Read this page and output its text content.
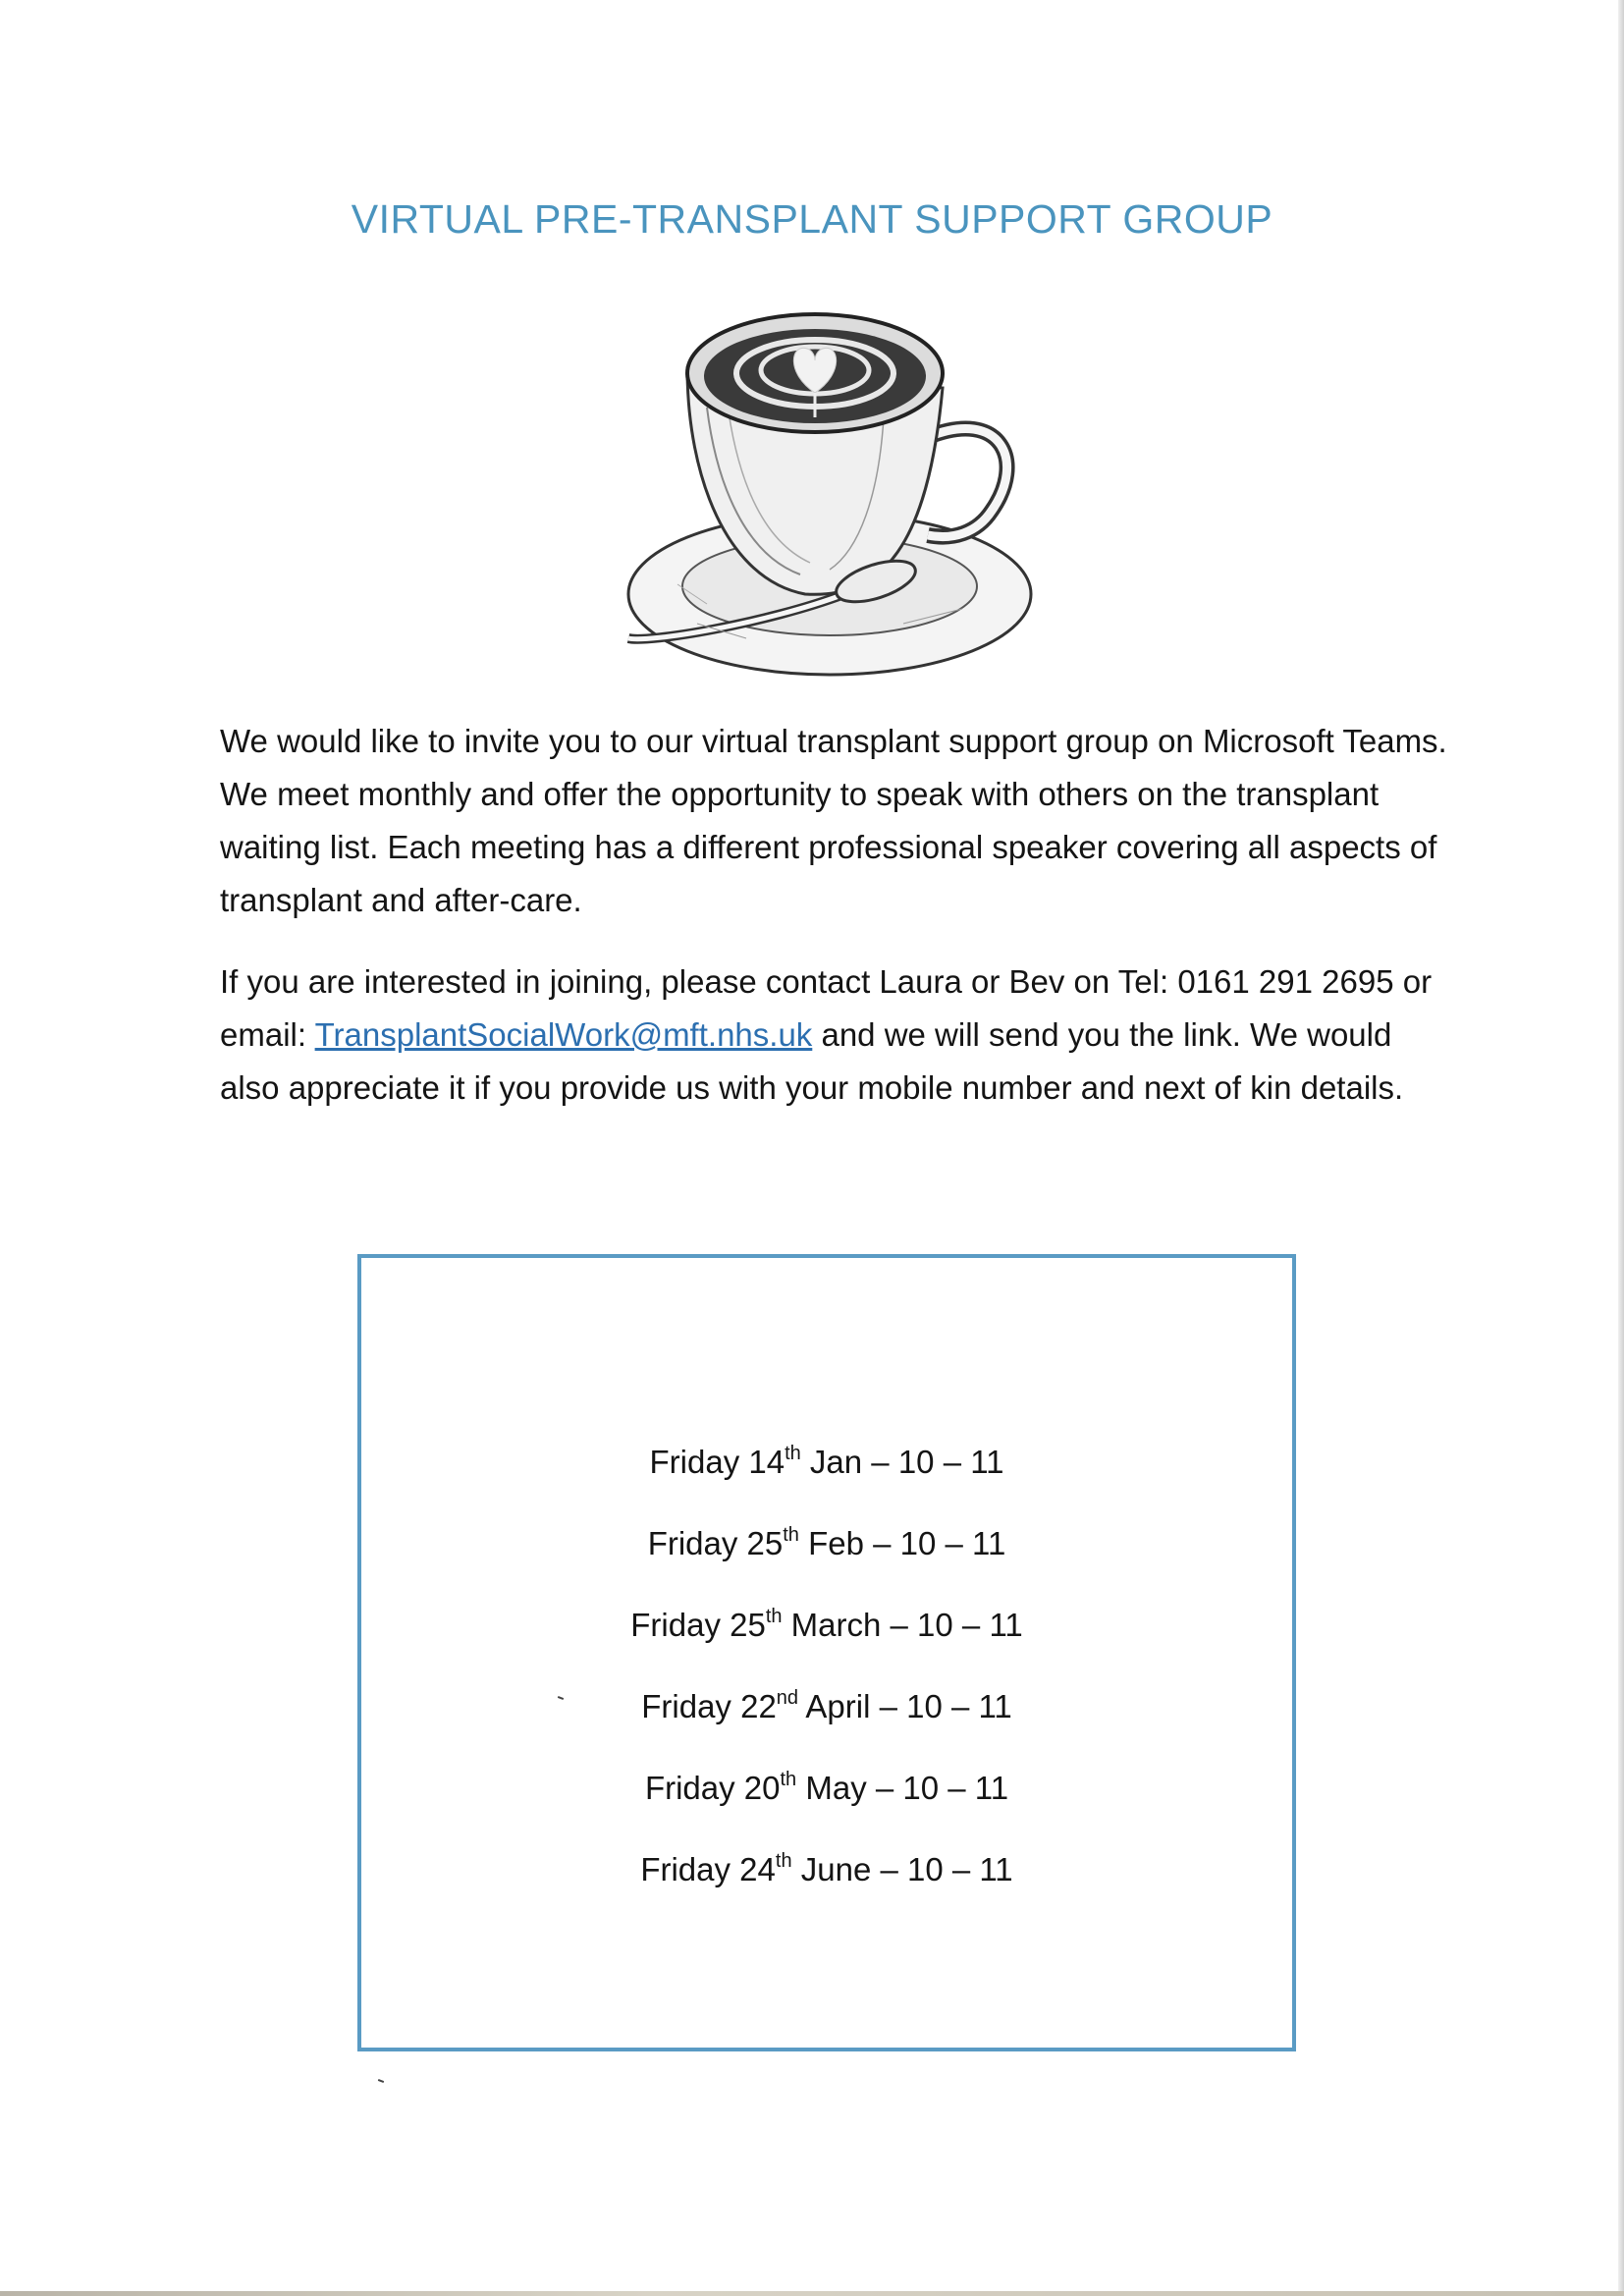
VIRTUAL PRE-TRANSPLANT SUPPORT GROUP

We would like to invite you to our virtual transplant support group on Microsoft Teams. We meet monthly and offer the opportunity to speak with others on the transplant waiting list. Each meeting has a different professional speaker covering all aspects of transplant and after-care.

If you are interested in joining, please contact Laura or Bev on Tel: 0161 291 2695 or email: TransplantSocialWork@mft.nhs.uk and we will send you the link. We would also appreciate it if you provide us with your mobile number and next of kin details.

Friday 14th Jan – 10 – 11
Friday 25th Feb – 10 – 11
Friday 25th March – 10 – 11
Friday 22nd April – 10 – 11
Friday 20th May – 10 – 11
Friday 24th June – 10 – 11
